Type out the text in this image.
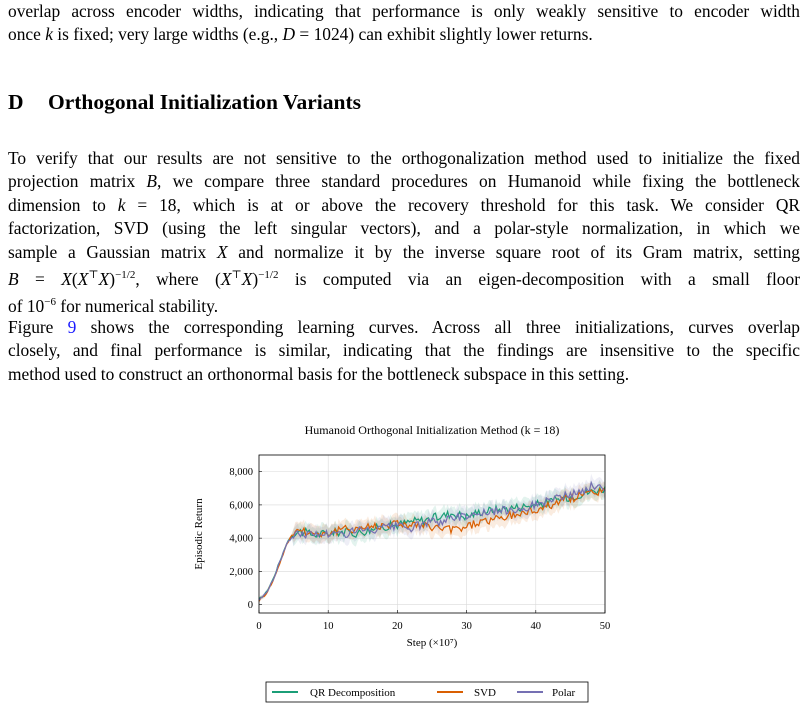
overlap across encoder widths, indicating that performance is only weakly sensitive to encoder width
once k is fixed; very large widths (e.g., D = 1024) can exhibit slightly lower returns.
D Orthogonal Initialization Variants
To verify that our results are not sensitive to the orthogonalization method used to initialize the fixed
projection matrix B, we compare three standard procedures on Humanoid while fixing the bottleneck
dimension to k = 18, which is at or above the recovery threshold for this task. We consider QR
factorization, SVD (using the left singular vectors), and a polar-style normalization, in which we
sample a Gaussian matrix X and normalize it by the inverse square root of its Gram matrix, setting
$B = X(X^⊤X)^{-1/2}$, where $(X^⊤X)^{-1/2}$ is computed via an eigen-decomposition with a small floor
of $10^{-6}$ for numerical stability.
Figure 9 shows the corresponding learning curves. Across all three initializations, curves overlap
closely, and final performance is similar, indicating that the findings are insensitive to the specific
method used to construct an orthonormal basis for the bottleneck subspace in this setting.
Humanoid Orthogonal Initialization Method (k = 18)
0	10	20	30	40	50
0
2,000
4,000
6,000
8,000
Step (×10⁷)
Episodic Return
QR Decomposition	SVD	Polar
